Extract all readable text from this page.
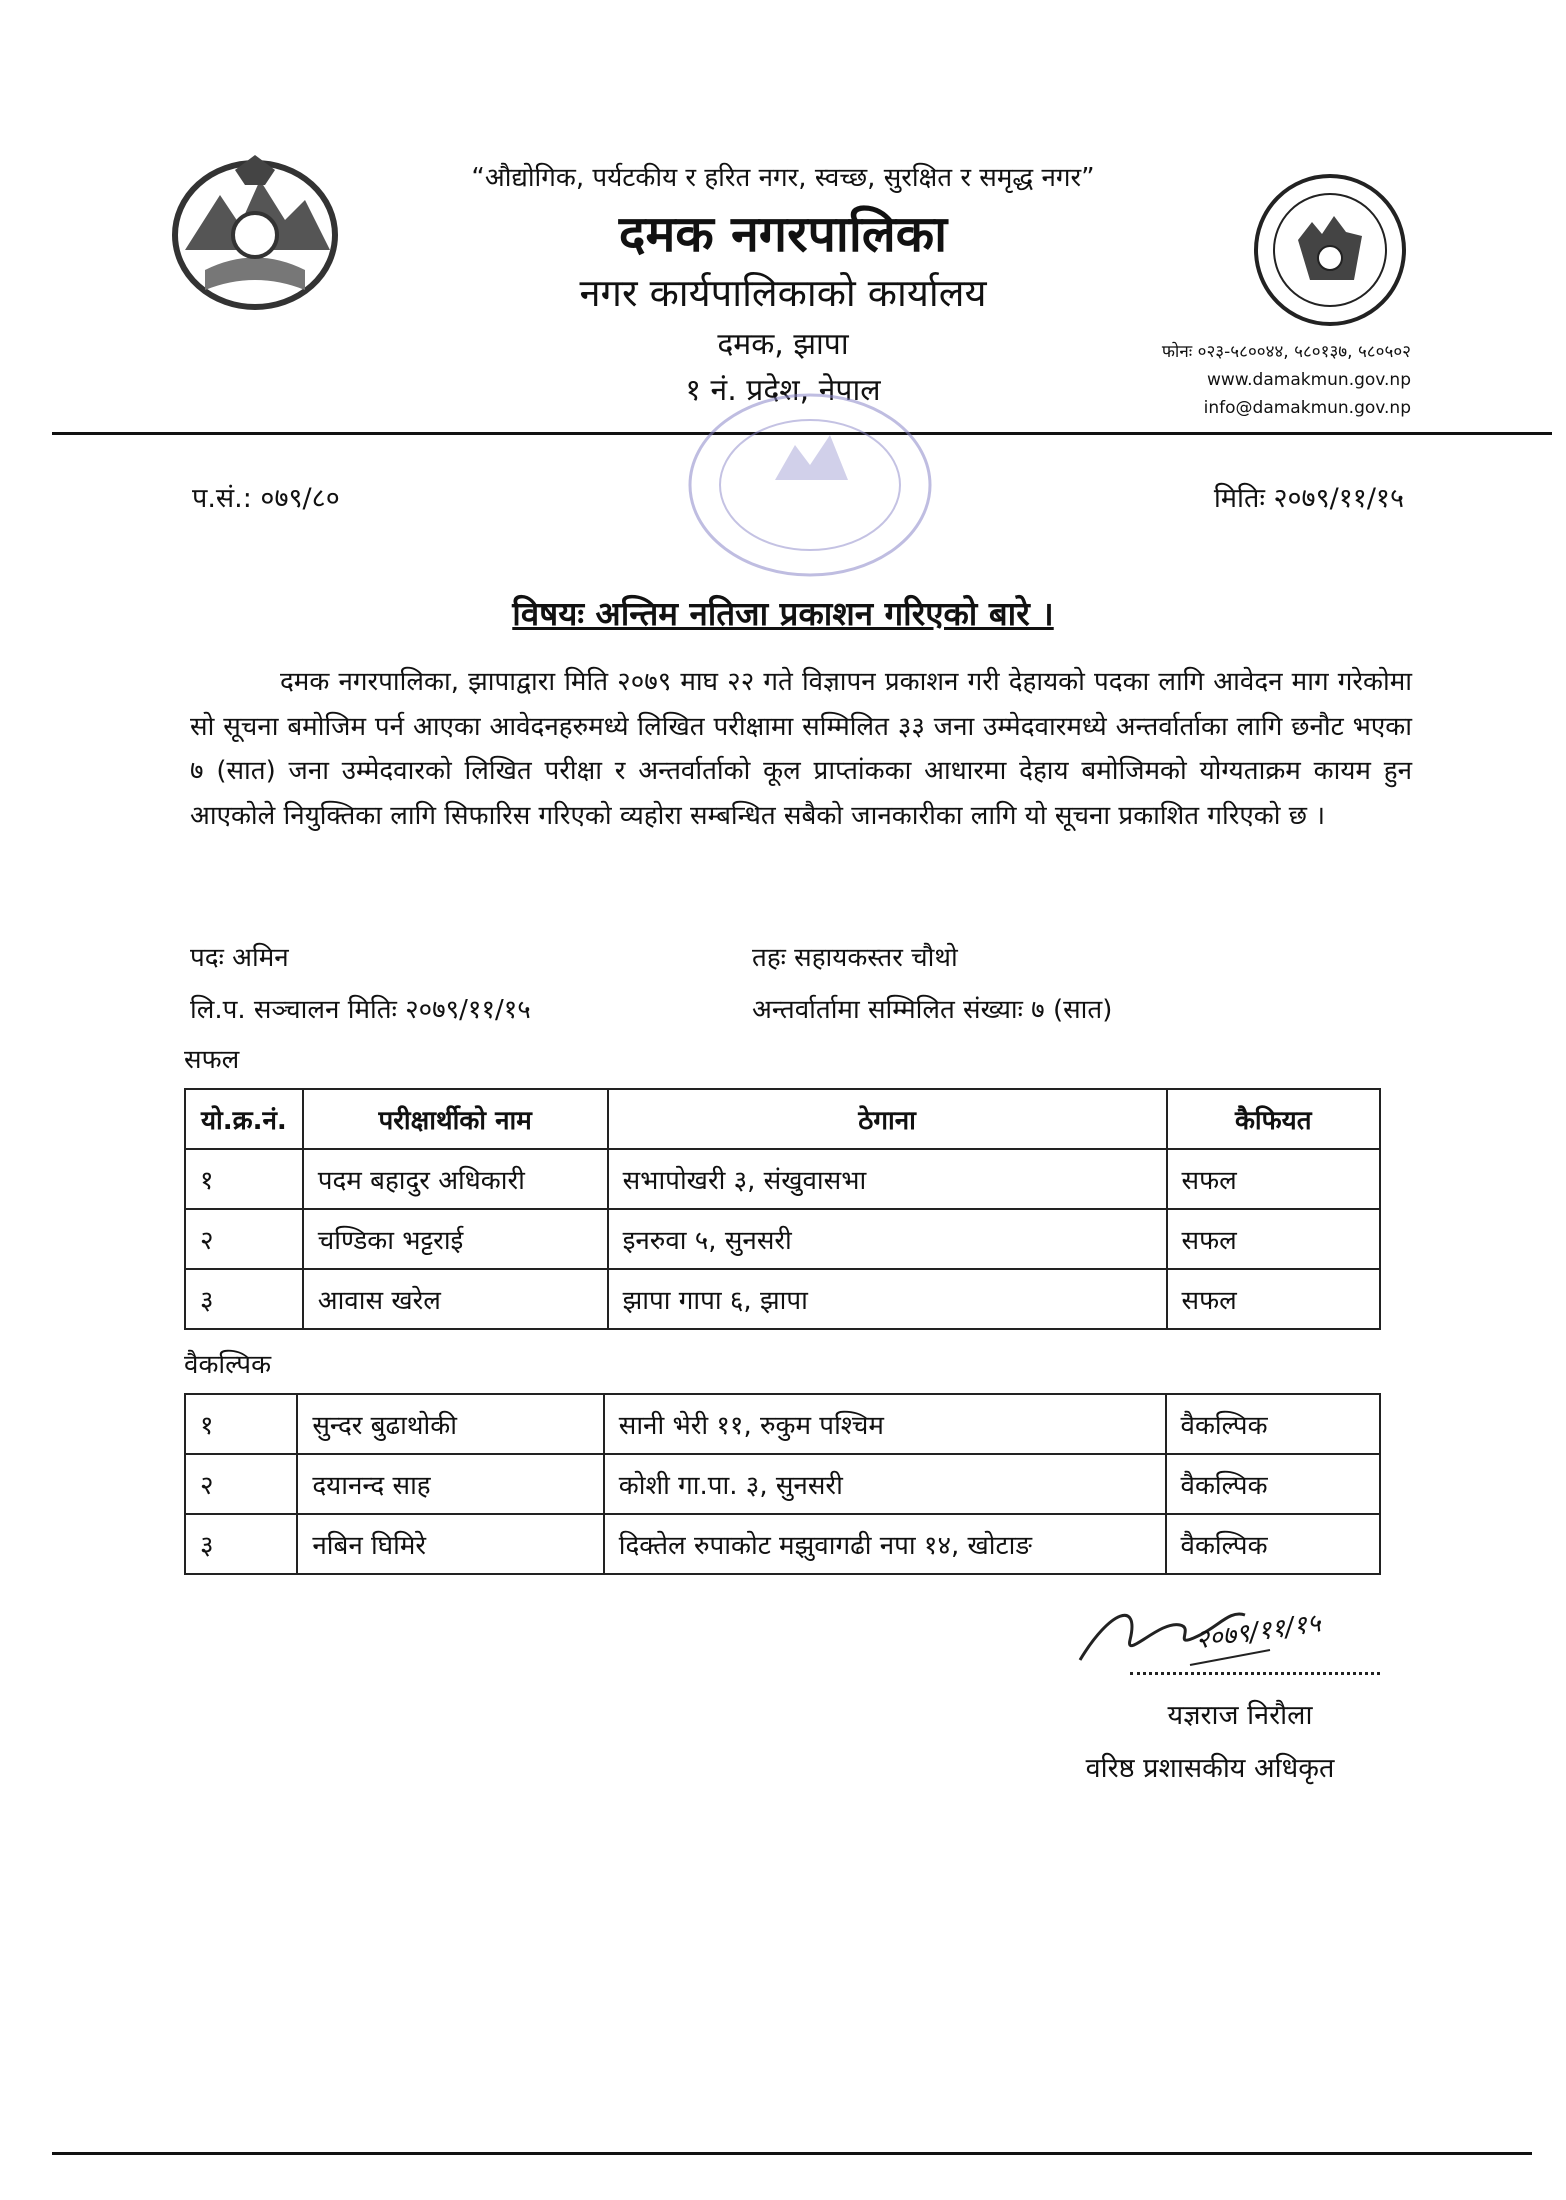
“औद्योगिक, पर्यटकीय र हरित नगर, स्वच्छ, सुरक्षित र समृद्ध नगर”
दमक नगरपालिका
नगर कार्यपालिकाको कार्यालय
दमक, झापा
१ नं. प्रदेश, नेपाल
फोनः ०२३-५८००४४, ५८०१३७, ५८०५०२
www.damakmun.gov.np
info@damakmun.gov.np
प.सं.: ०७९/८०	मितिः २०७९/११/१५
विषयः अन्तिम नतिजा प्रकाशन गरिएको बारे ।
दमक नगरपालिका, झापाद्वारा मिति २०७९ माघ २२ गते विज्ञापन प्रकाशन गरी देहायको पदका लागि आवेदन माग गरेकोमा सो सूचना बमोजिम पर्न आएका आवेदनहरुमध्ये लिखित परीक्षामा सम्मिलित ३३ जना उम्मेदवारमध्ये अन्तर्वार्ताका लागि छनौट भएका ७ (सात) जना उम्मेदवारको लिखित परीक्षा र अन्तर्वार्ताको कूल प्राप्तांकका आधारमा देहाय बमोजिमको योग्यताक्रम कायम हुन आएकोले नियुक्तिका लागि सिफारिस गरिएको व्यहोरा सम्बन्धित सबैको जानकारीका लागि यो सूचना प्रकाशित गरिएको छ ।
पदः अमिन	तहः सहायकस्तर चौथो
लि.प. सञ्चालन मितिः २०७९/११/१५	अन्तर्वार्तामा सम्मिलित संख्याः ७ (सात)
सफल
यो.क्र.नं.	परीक्षार्थीको नाम	ठेगाना	कैफियत
१	पदम बहादुर अधिकारी	सभापोखरी ३, संखुवासभा	सफल
२	चण्डिका भट्टराई	इनरुवा ५, सुनसरी	सफल
३	आवास खरेल	झापा गापा ६, झापा	सफल
वैकल्पिक
१	सुन्दर बुढाथोकी	सानी भेरी ११, रुकुम पश्चिम	वैकल्पिक
२	दयानन्द साह	कोशी गा.पा. ३, सुनसरी	वैकल्पिक
३	नबिन घिमिरे	दिक्तेल रुपाकोट मझुवागढी नपा १४, खोटाङ	वैकल्पिक
२०७९/११/१५
यज्ञराज निरौला
वरिष्ठ प्रशासकीय अधिकृत
